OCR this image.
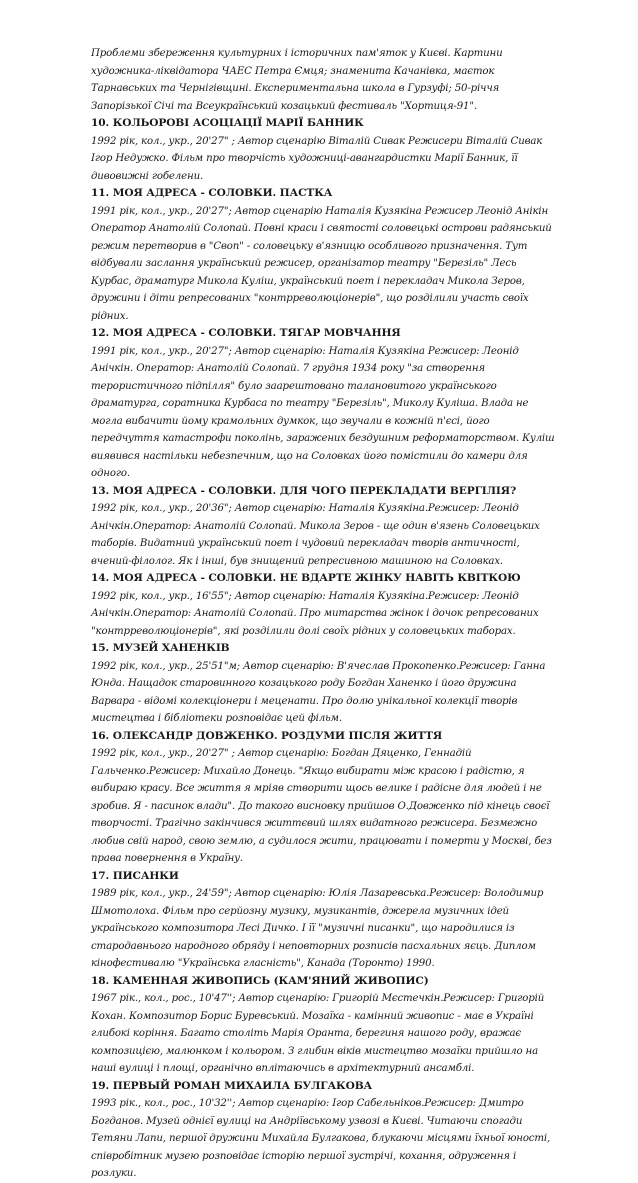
Проблеми збереження культурних і історичних пам'яток у Києві. Картини художника-ліквідатора ЧАЕС Петра Ємця; знаменита Качанівка, маєток Тарнавських та Чернігівщині. Експериментальна школа в Гурзуфі; 50-річчя Запорізької Січі та Всеукраїнський козацький фестиваль "Хортиця-91".

10. КОЛЬОРОВІ АСОЦІАЦІЇ МАРІЇ БАННИК

1992 рік, кол., укр., 20'27" ; Автор сценарію Віталій Сивак Режисери Віталій Сивак Ігор Недужко. Фільм про творчість художниці-авангардистки Марії Банник, її дивовижні гобелени.

11. МОЯ АДРЕСА - СОЛОВКИ. ПАСТКА

1991 рік, кол., укр., 20'27"; Автор сценарію Наталія Кузякіна Режисер Леонід Анікін Оператор Анатолій Солопай. Повні краси і святості соловецькі острови радянський режим перетворив в "Своп" - соловецьку в'язницю особливого призначення. Тут відбували заслання український режисер, організатор театру "Березіль" Лесь Курбас, драматург Микола Куліш, український поет і перекладач Микола Зеров, дружини і діти репресованих "контрреволюціонерів", що розділили участь своїх рідних.

12. МОЯ АДРЕСА - СОЛОВКИ. ТЯГАР МОВЧАННЯ

1991 рік, кол., укр., 20'27"; Автор сценарію: Наталія Кузякіна Режисер: Леонід Анічкін. Оператор: Анатолій Солопай. 7 грудня 1934 року "за створення терористичного підпілля" було заарештовано талановитого українського драматурга, соратника Курбаса по театру "Березіль", Миколу Куліша. Влада не могла вибачити йому крамольних думкок, що звучали в кожній п'єсі, його передчуття катастрофи поколінь, заражених бездушним реформаторством. Куліш виявився настільки небезпечним, що на Соловках його помістили до камери для одного.

13. МОЯ АДРЕСА - СОЛОВКИ. ДЛЯ ЧОГО ПЕРЕКЛАДАТИ ВЕРГІЛІЯ?

1992 рік, кол., укр., 20'36"; Автор сценарію: Наталія Кузякіна.Режисер: Леонід Анічкін.Оператор: Анатолій Солопай. Микола Зеров - ще один в'язень Соловецьких таборів. Видатний український поет і чудовий перекладач творів античності, вчений-філолог. Як і інші, був знищений репресивною машиною на Соловках.

14. МОЯ АДРЕСА - СОЛОВКИ. НЕ ВДАРТЕ ЖІНКУ НАВІТЬ КВІТКОЮ

1992 рік, кол., укр., 16'55"; Автор сценарію: Наталія Кузякіна.Режисер: Леонід Анічкін.Оператор: Анатолій Солопай. Про митарства жінок і дочок репресованих "контрреволюціонерів", які розділили долі своїх рідних у соловецьких таборах.

15. МУЗЕЙ ХАНЕНКІВ

1992 рік, кол., укр., 25'51"м; Автор сценарію: В'ячеслав Прокопенко.Режисер: Ганна Юнда. Нащадок старовинного козацького роду Богдан Ханенко і його дружина Варвара - відомі колекціонери і меценати. Про долю унікальної колекції творів мистецтва і бібліотеки розповідає цей фільм.

16. ОЛЕКСАНДР ДОВЖЕНКО. РОЗДУМИ ПІСЛЯ ЖИТТЯ

1992 рік, кол., укр., 20'27" ; Автор сценарію: Богдан Дяценко, Геннадій Гальченко.Режисер: Михайло Донець. "Якщо вибирати між красою і радістю, я вибираю красу. Все життя я мріяв створити щось велике і радісне для людей і не зробив. Я - пасинок влади". До такого висновку прийшов О.Довженко під кінець своєї творчості. Трагічно закінчився життєвий шлях видатного режисера. Безмежно любив свій народ, свою землю, а судилося жити, працювати і померти у Москві, без права повернення в Україну.

17. ПИСАНКИ

1989 рік, кол., укр., 24'59"; Автор сценарію: Юлія Лазаревська.Режисер: Володимир Шмотолоха. Фільм про серйозну музику, музикантів, джерела музичних ідей українського композитора Лесі Дичко. І її "музичні писанки", що народилися із стародавнього народного обряду і неповторних розписів пасхальних яєць. Диплом кінофестивалю "Українська гласність", Канада (Торонто) 1990.

18. КАМЕННАЯ ЖИВОПИСЬ (КАМ'ЯНИЙ ЖИВОПИС)

1967 рік., кол., рос., 10'47''; Автор сценарію: Григорій Мєстечкін.Режисер: Григорій Кохан. Композитор Борис Буревський. Мозаїка - камінний живопис - має в Україні глибокі коріння. Багато століть Марія Оранта, берегиня нашого роду, вражає композицією, малюнком і кольором. З глибин віків мистецтво мозаїки прийшло на наші вулиці і площі, органічно вплітаючись в архітектурний ансамблі.

19. ПЕРВЫЙ РОМАН МИХАИЛА БУЛГАКОВА

1993 рік., кол., рос., 10'32''; Автор сценарію: Ігор Сабельніков.Режисер: Дмитро Богданов. Музей однієї вулиці на Андріївському узвозі в Києві. Читаючи спогади Тетяни Лапи, першої дружини Михайла Булгакова, блукаючи місцями їхньої юності, співробітник музею розповідає історію першої зустрічі, кохання, одруження і розлуки.
